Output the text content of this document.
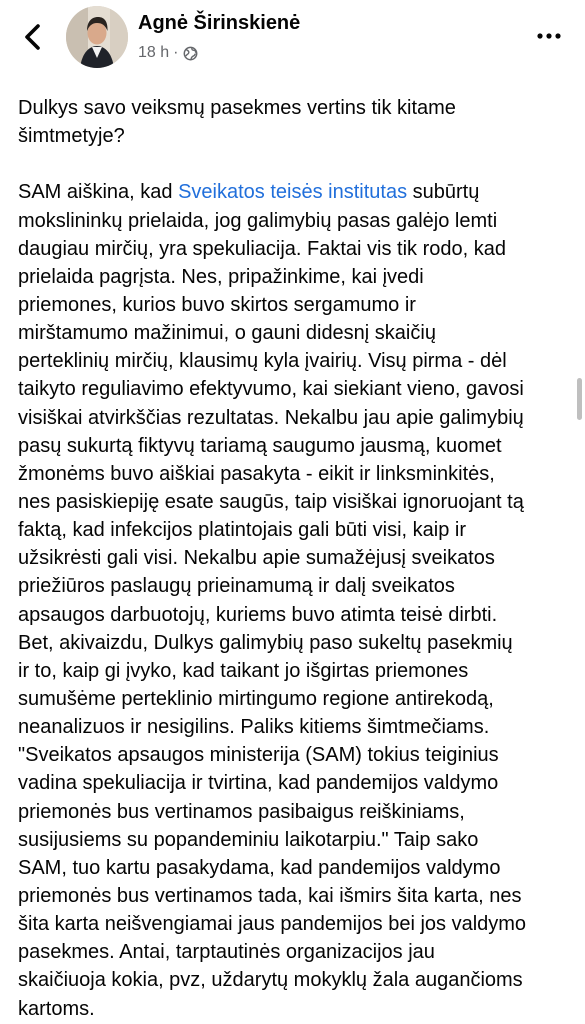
Agnė Širinskienė
18 h ·
Dulkys savo veiksmų pasekmes vertins tik kitame
šimtmetyje?
SAM aiškina, kad Sveikatos teisės institutas subūrtų
mokslininkų prielaida, jog galimybių pasas galėjo lemti
daugiau mirčių, yra spekuliacija. Faktai vis tik rodo, kad
prielaida pagrįsta. Nes, pripažinkime, kai įvedi
priemones, kurios buvo skirtos sergamumo ir
mirštamumo mažinimui, o gauni didesnį skaičių
perteklinių mirčių, klausimų kyla įvairių. Visų pirma - dėl
taikyto reguliavimo efektyvumo, kai siekiant vieno, gavosi
visiškai atvirkščias rezultatas. Nekalbu jau apie galimybių
pasų sukurtą fiktyvų tariamą saugumo jausmą, kuomet
žmonėms buvo aiškiai pasakyta - eikit ir linksminkitės,
nes pasiskiepiję esate saugūs, taip visiškai ignoruojant tą
faktą, kad infekcijos platintojais gali būti visi, kaip ir
užsikrėsti gali visi. Nekalbu apie sumažėjusį sveikatos
priežiūros paslaugų prieinamumą ir dalį sveikatos
apsaugos darbuotojų, kuriems buvo atimta teisė dirbti.
Bet, akivaizdu, Dulkys galimybių paso sukeltų pasekmių
ir to, kaip gi įvyko, kad taikant jo išgirtas priemones
sumušėme perteklinio mirtingumo regione antirekodą,
neanalizuos ir nesigilins. Paliks kitiems šimtmečiams.
"Sveikatos apsaugos ministerija (SAM) tokius teiginius
vadina spekuliacija ir tvirtina, kad pandemijos valdymo
priemonės bus vertinamos pasibaigus reiškiniams,
susijusiems su popandeminiu laikotarpiu." Taip sako
SAM, tuo kartu pasakydama, kad pandemijos valdymo
priemonės bus vertinamos tada, kai išmirs šita karta, nes
šita karta neišvengiamai jaus pandemijos bei jos valdymo
pasekmes. Antai, tarptautinės organizacijos jau
skaičiuoja kokia, pvz, uždarytų mokyklų žala augančioms
kartoms.
